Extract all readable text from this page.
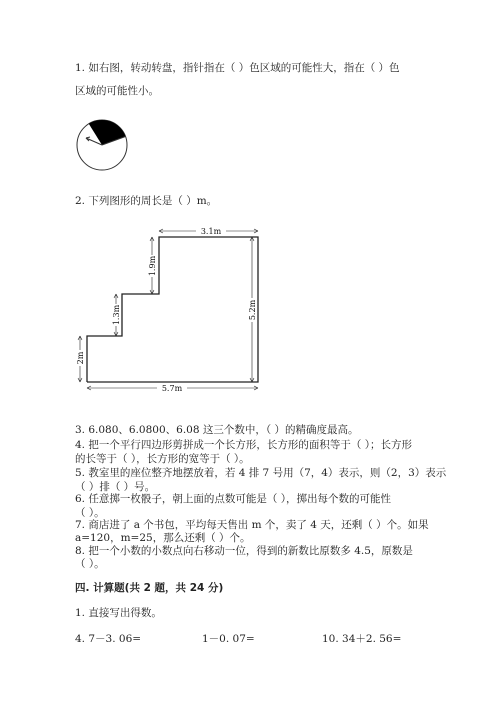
1. 如右图，转动转盘，指针指在（ ）色区域的可能性大，指在（ ）色
区域的可能性小。
2. 下列图形的周长是（ ）m。
3.1m
1.9m
1.3m
2m
5.2m
5.7m
3. 6.080、6.0800、6.08 这三个数中，（ ）的精确度最高。
4. 把一个平行四边形剪拼成一个长方形，长方形的面积等于（ ）；长方形
的长等于（ ），长方形的宽等于（ ）。
5. 教室里的座位整齐地摆放着，若 4 排 7 号用（7，4）表示，则（2，3）表示
（ ）排（ ）号。
6. 任意掷一枚骰子，朝上面的点数可能是（ ），掷出每个数的可能性
（ ）。
7. 商店进了 a 个书包，平均每天售出 m 个，卖了 4 天，还剩（ ）个。如果
a=120，m=25，那么还剩（ ）个。
8. 把一个小数的小数点向右移动一位，得到的新数比原数多 4.5，原数是
（ ）。
四. 计算题(共 2 题，共 24 分)
1. 直接写出得数。
4. 7－3. 06=	1－0. 07=	10. 34＋2. 56=
